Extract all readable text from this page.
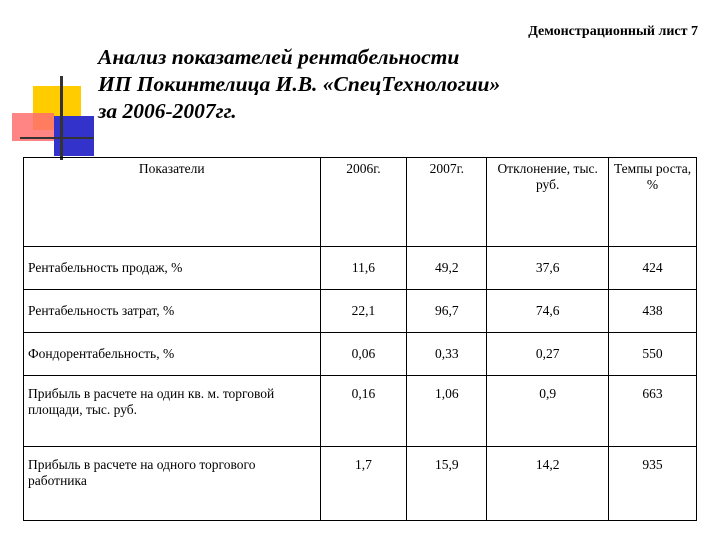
Демонстрационный лист 7
Анализ показателей рентабельности
ИП Покинтелица И.В. «СпецТехнологии»
за 2006-2007гг.
Показатели	2006г.	2007г.	Отклонение, тыс. руб.	Темпы роста, %
Рентабельность продаж, %	11,6	49,2	37,6	424
Рентабельность затрат, %	22,1	96,7	74,6	438
Фондорентабельность, %	0,06	0,33	0,27	550
Прибыль в расчете на один кв. м. торговой площади, тыс. руб.	0,16	1,06	0,9	663
Прибыль в расчете на одного торгового работника	1,7	15,9	14,2	935
